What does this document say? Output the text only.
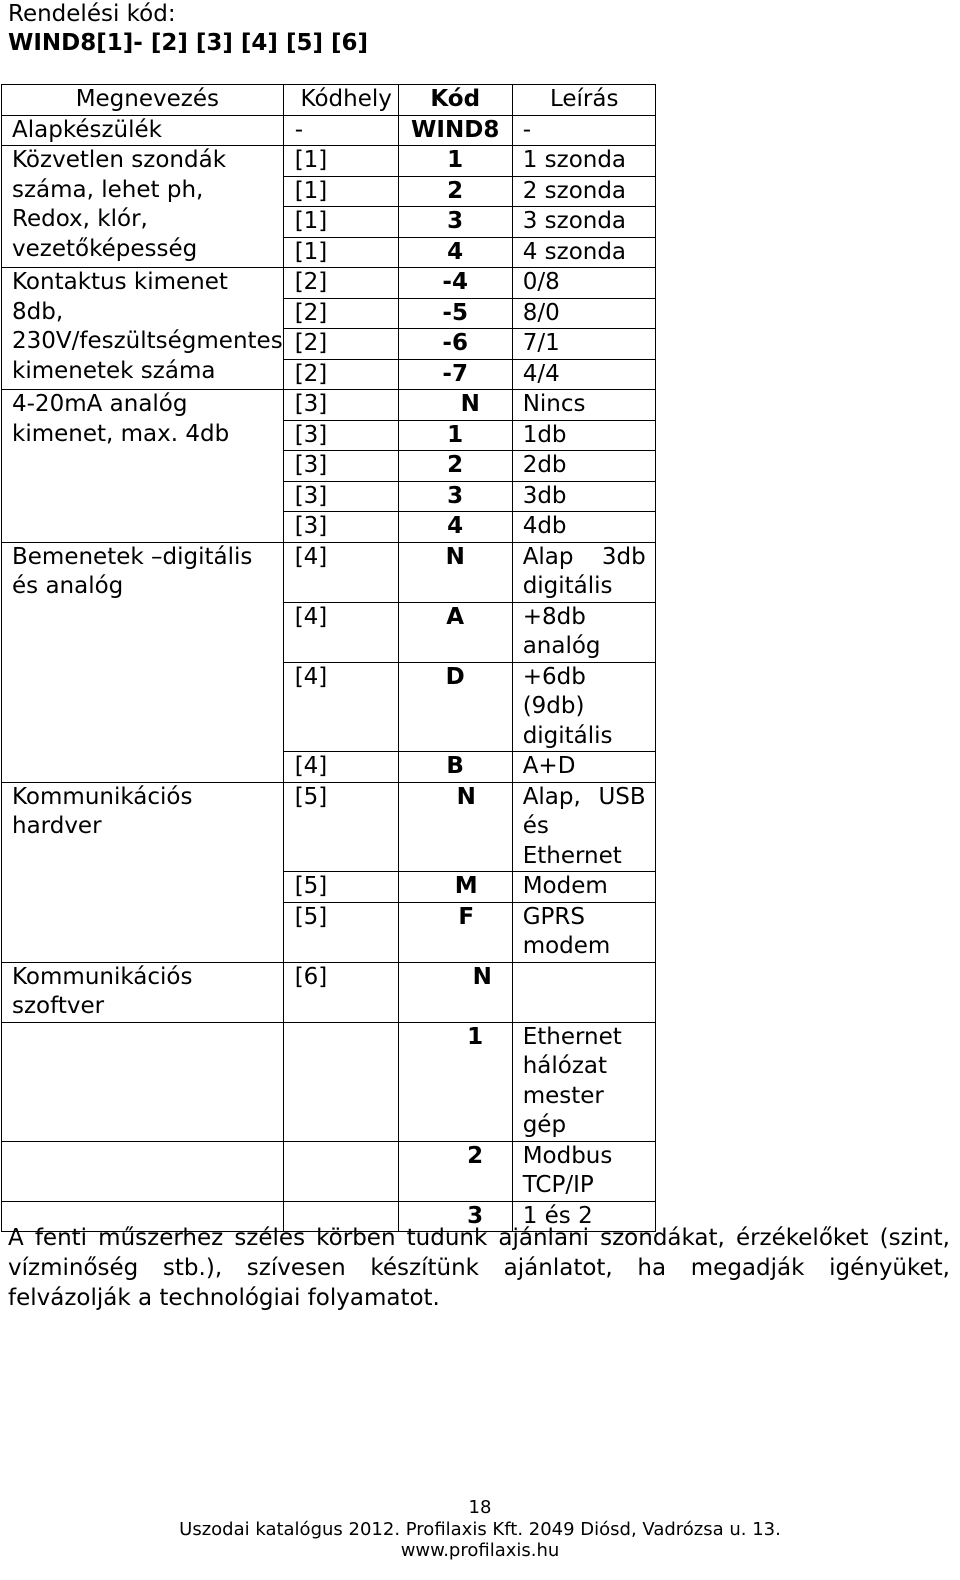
Rendelési kód:
WIND8[1]- [2] [3] [4] [5] [6]
Megnevezés	Kódhely	Kód	Leírás
Alapkészülék	-	WIND8	-
Közvetlen szondák száma, lehet ph, Redox, klór, vezetőképesség	[1]	1	1 szonda
	[1]	2	2 szonda
	[1]	3	3 szonda
	[1]	4	4 szonda
Kontaktus kimenet 8db, 230V/feszültségmentes kimenetek száma	[2]	-4	0/8
	[2]	-5	8/0
	[2]	-6	7/1
	[2]	-7	4/4
4-20mA analóg kimenet, max. 4db	[3]	N	Nincs
	[3]	1	1db
	[3]	2	2db
	[3]	3	3db
	[3]	4	4db
Bemenetek –digitális és analóg	[4]	N	Alap 3db digitális
	[4]	A	+8db analóg
	[4]	D	+6db (9db) digitális
	[4]	B	A+D
Kommunikációs hardver	[5]	N	Alap, USB és Ethernet
	[5]	M	Modem
	[5]	F	GPRS modem
Kommunikációs szoftver	[6]	N	
		1	Ethernet hálózat mester gép
		2	Modbus TCP/IP
		3	1 és 2
A fenti műszerhez széles körben tudunk ajánlani szondákat, érzékelőket (szint, vízminőség stb.), szívesen készítünk ajánlatot, ha megadják igényüket, felvázolják a technológiai folyamatot.
18
Uszodai katalógus 2012. Profilaxis Kft. 2049 Diósd, Vadrózsa u. 13.
www.profilaxis.hu
